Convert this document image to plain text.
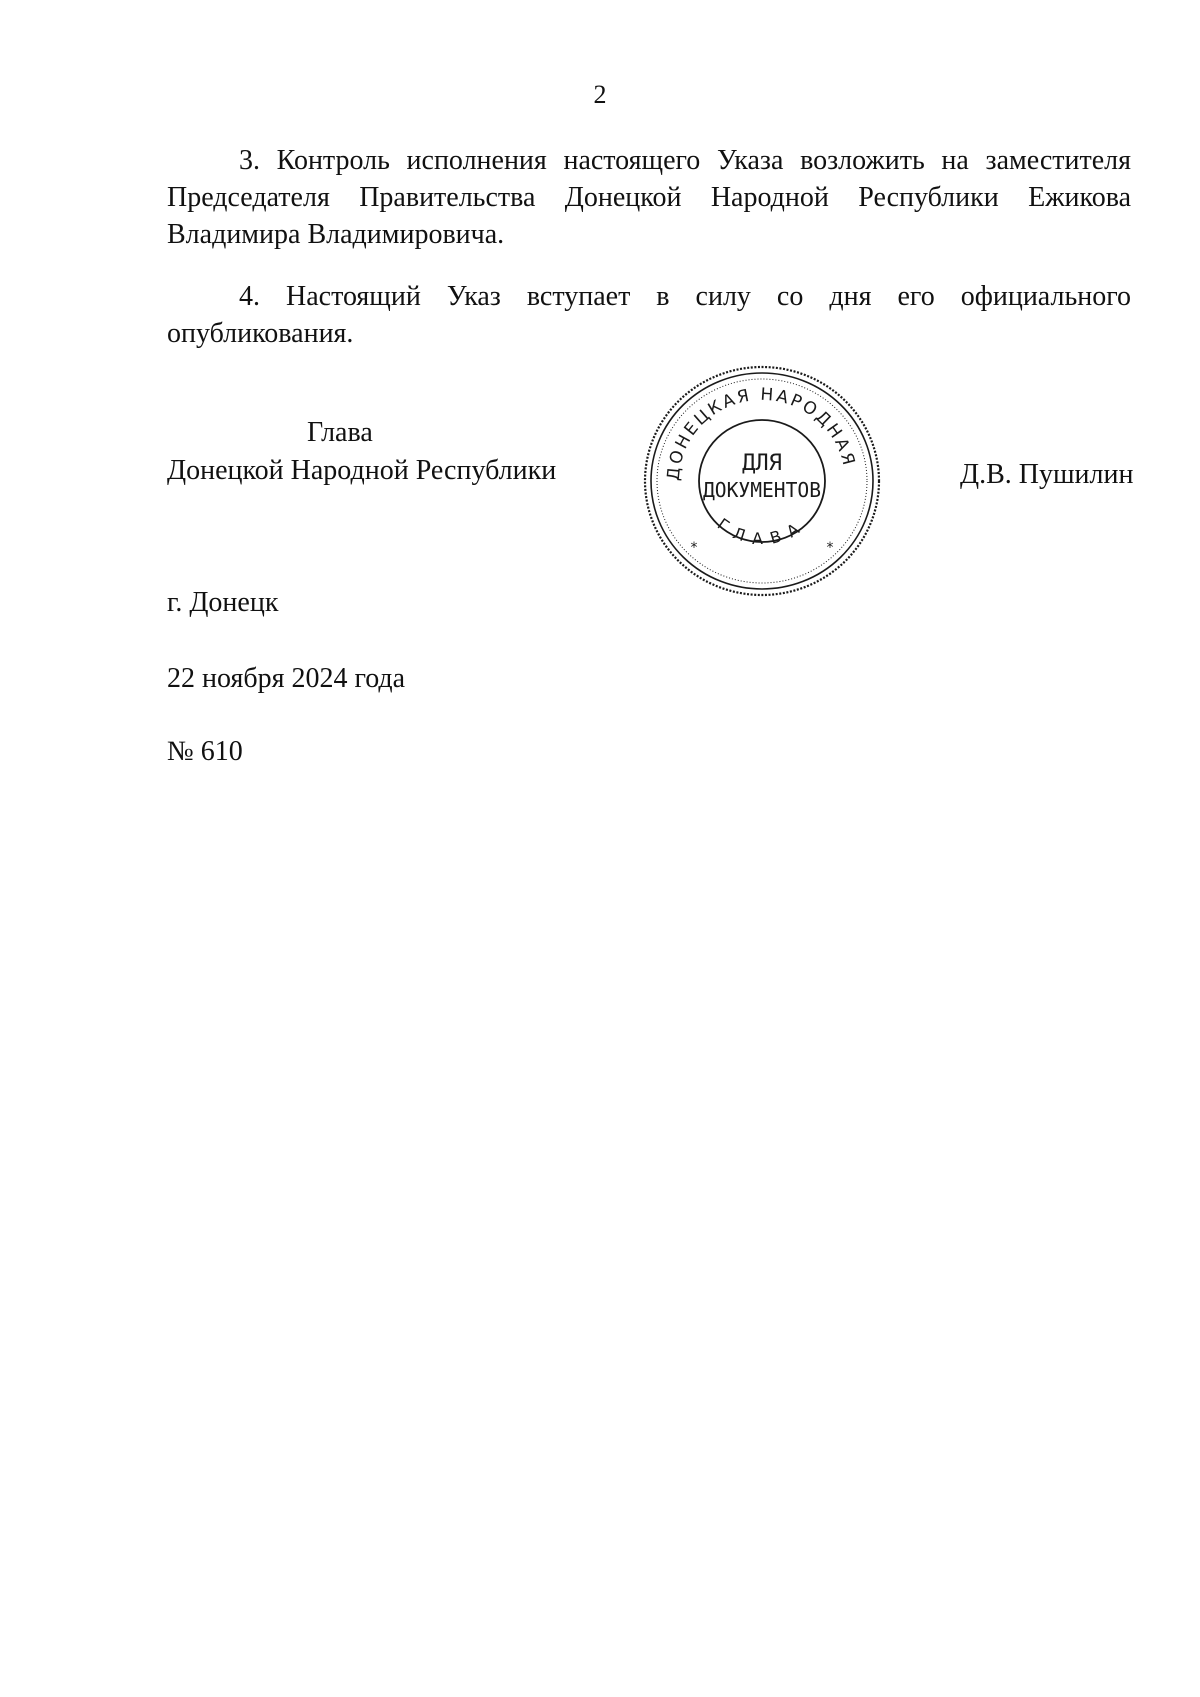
2

3. Контроль исполнения настоящего Указа возложить на заместителя Председателя Правительства Донецкой Народной Республики Ежикова Владимира Владимировича.

4. Настоящий Указ вступает в силу со дня его официального опубликования.

Глава
Донецкой Народной Республики	Д.В. Пушилин
ДОНЕЦКАЯ НАРОДНАЯ
ГЛАВА
*	*
ДЛЯ
ДОКУМЕНТОВ
г. Донецк
22 ноября 2024 года
№ 610
